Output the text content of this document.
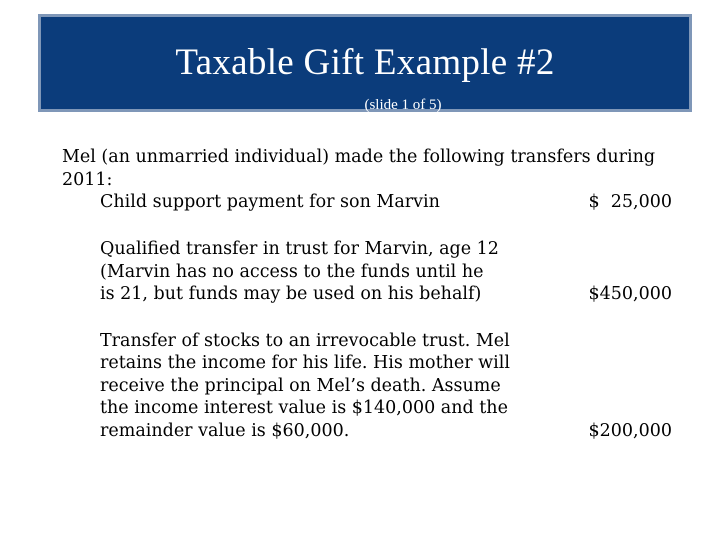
Taxable Gift Example #2
(slide 1 of 5)

Mel (an unmarried individual) made the following transfers during 2011:

Child support payment for son Marvin	$  25,000
Qualified transfer in trust for Marvin, age 12
(Marvin has no access to the funds until he
is 21, but funds may be used on his behalf)	$450,000
Transfer of stocks to an irrevocable trust. Mel
retains the income for his life. His mother will
receive the principal on Mel’s death. Assume
the income interest value is $140,000 and the
remainder value is $60,000.	$200,000
